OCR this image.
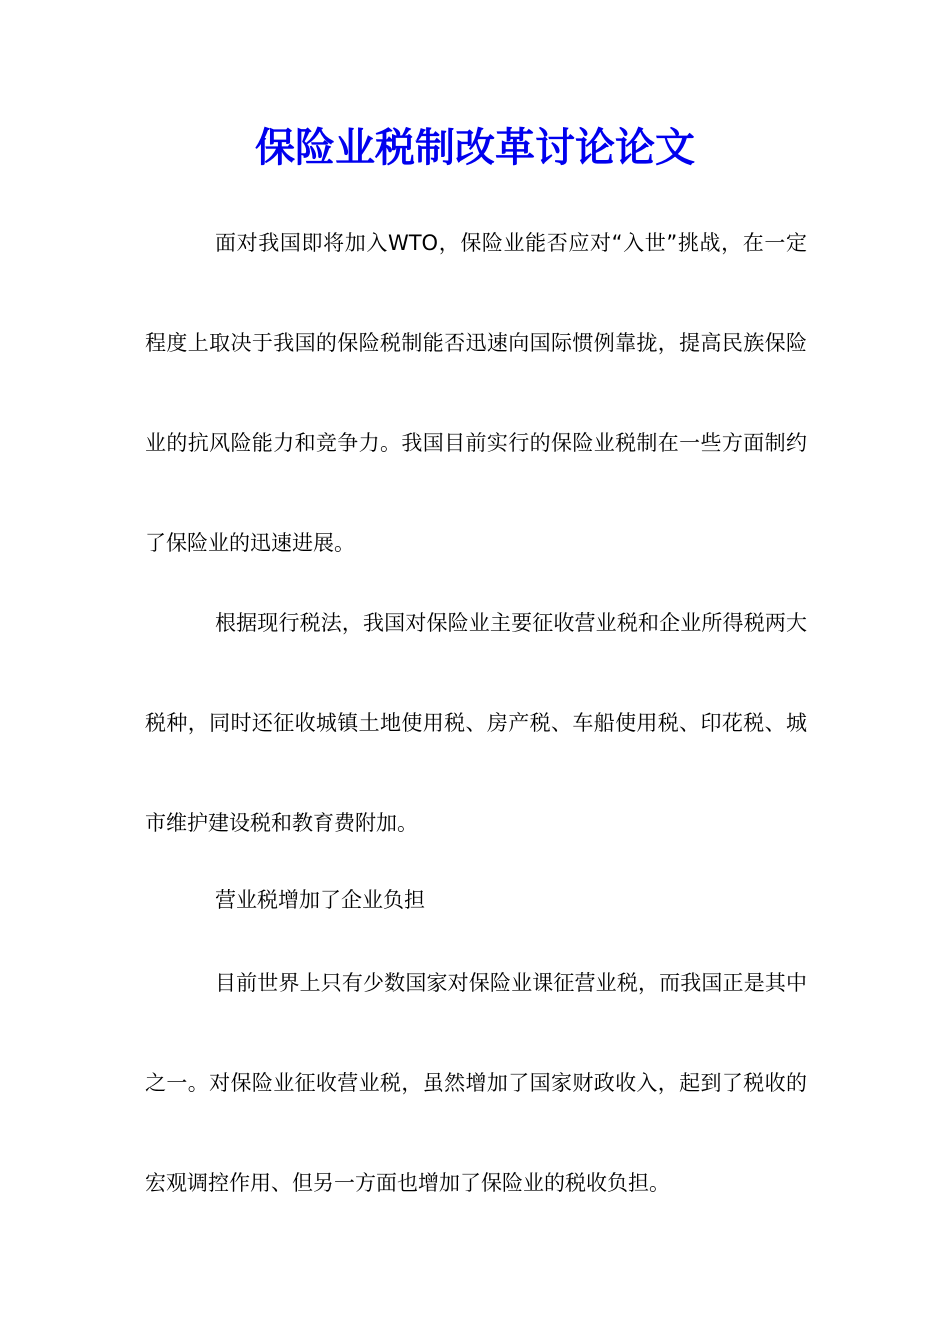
保险业税制改革讨论论文

面对我国即将加入WTO，保险业能否应对“入世”挑战，在一定程度上取决于我国的保险税制能否迅速向国际惯例靠拢，提高民族保险业的抗风险能力和竞争力。我国目前实行的保险业税制在一些方面制约了保险业的迅速进展。

根据现行税法，我国对保险业主要征收营业税和企业所得税两大税种，同时还征收城镇土地使用税、房产税、车船使用税、印花税、城市维护建设税和教育费附加。

营业税增加了企业负担

目前世界上只有少数国家对保险业课征营业税，而我国正是其中之一。对保险业征收营业税，虽然增加了国家财政收入，起到了税收的宏观调控作用、但另一方面也增加了保险业的税收负担。
